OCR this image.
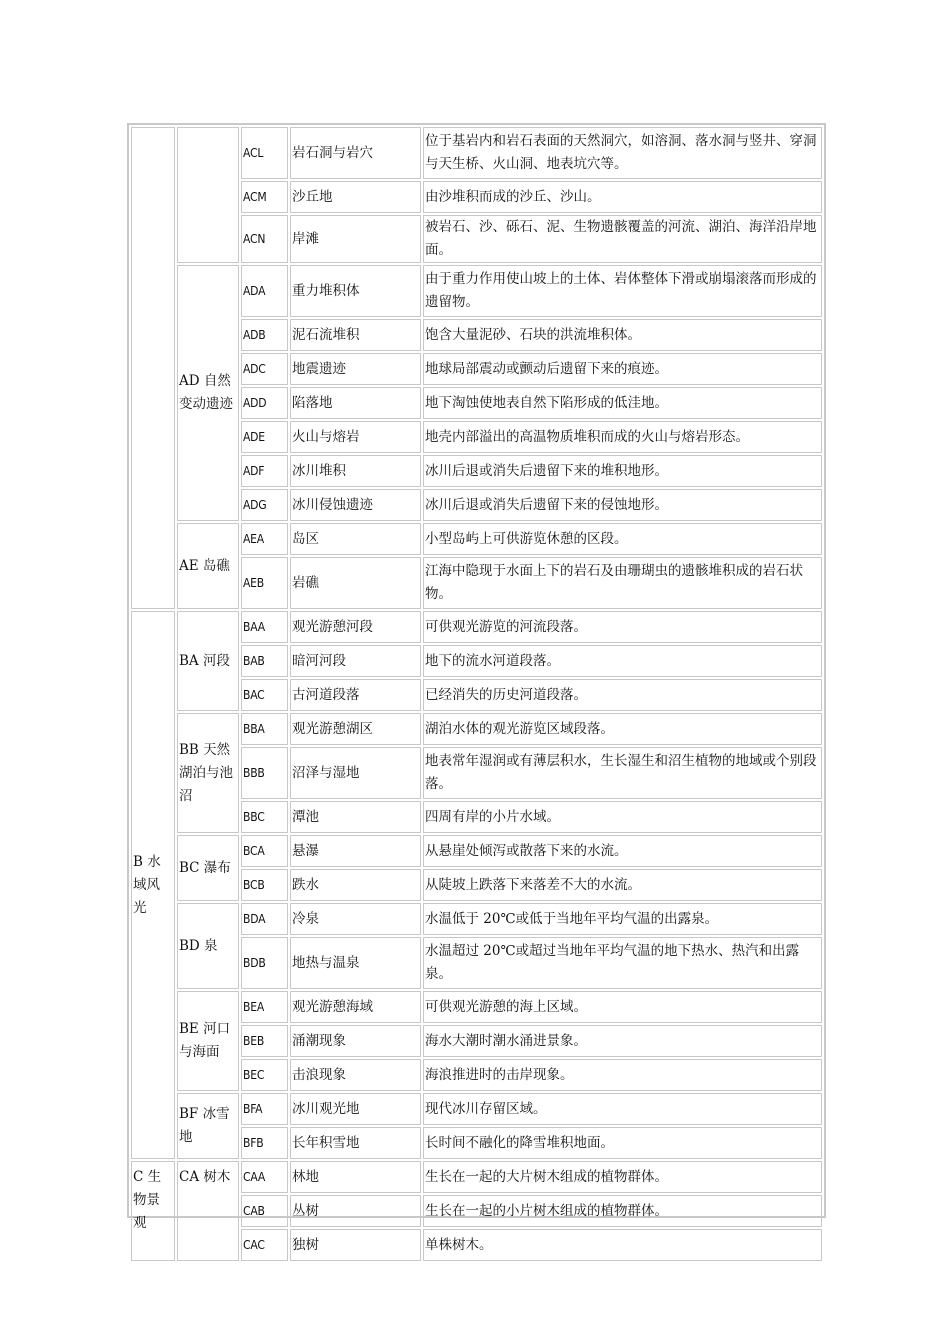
		ACL	岩石洞与岩穴	位于基岩内和岩石表面的天然洞穴，如溶洞、落水洞与竖井、穿洞与天生桥、火山洞、地表坑穴等。
		ACM	沙丘地	由沙堆积而成的沙丘、沙山。
		ACN	岸滩	被岩石、沙、砾石、泥、生物遗骸覆盖的河流、湖泊、海洋沿岸地面。
	AD 自然变动遗迹	ADA	重力堆积体	由于重力作用使山坡上的土体、岩体整体下滑或崩塌滚落而形成的遗留物。
		ADB	泥石流堆积	饱含大量泥砂、石块的洪流堆积体。
		ADC	地震遗迹	地球局部震动或颤动后遗留下来的痕迹。
		ADD	陷落地	地下淘蚀使地表自然下陷形成的低洼地。
		ADE	火山与熔岩	地壳内部溢出的高温物质堆积而成的火山与熔岩形态。
		ADF	冰川堆积	冰川后退或消失后遗留下来的堆积地形。
		ADG	冰川侵蚀遗迹	冰川后退或消失后遗留下来的侵蚀地形。
	AE 岛礁	AEA	岛区	小型岛屿上可供游览休憩的区段。
		AEB	岩礁	江海中隐现于水面上下的岩石及由珊瑚虫的遗骸堆积成的岩石状物。
B 水域风光	BA 河段	BAA	观光游憩河段	可供观光游览的河流段落。
		BAB	暗河河段	地下的流水河道段落。
		BAC	古河道段落	已经消失的历史河道段落。
	BB 天然湖泊与池沼	BBA	观光游憩湖区	湖泊水体的观光游览区域段落。
		BBB	沼泽与湿地	地表常年湿润或有薄层积水，生长湿生和沼生植物的地域或个别段落。
		BBC	潭池	四周有岸的小片水域。
	BC 瀑布	BCA	悬瀑	从悬崖处倾泻或散落下来的水流。
		BCB	跌水	从陡坡上跌落下来落差不大的水流。
	BD 泉	BDA	冷泉	水温低于 20℃或低于当地年平均气温的出露泉。
		BDB	地热与温泉	水温超过 20℃或超过当地年平均气温的地下热水、热汽和出露泉。
	BE 河口与海面	BEA	观光游憩海域	可供观光游憩的海上区域。
		BEB	涌潮现象	海水大潮时潮水涌进景象。
		BEC	击浪现象	海浪推进时的击岸现象。
	BF 冰雪地	BFA	冰川观光地	现代冰川存留区域。
		BFB	长年积雪地	长时间不融化的降雪堆积地面。
C 生物景观	CA 树木	CAA	林地	生长在一起的大片树木组成的植物群体。
		CAB	丛树	生长在一起的小片树木组成的植物群体。
		CAC	独树	单株树木。
